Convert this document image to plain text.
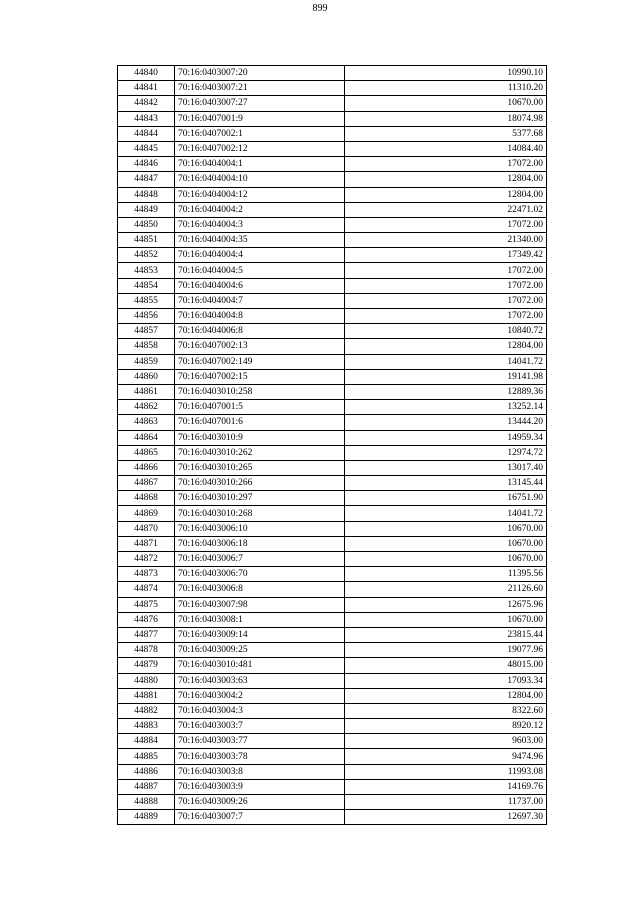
899
44840	70:16:0403007:20	10990.10
44841	70:16:0403007:21	11310.20
44842	70:16:0403007:27	10670.00
44843	70:16:0407001:9	18074.98
44844	70:16:0407002:1	5377.68
44845	70:16:0407002:12	14084.40
44846	70:16:0404004:1	17072.00
44847	70:16:0404004:10	12804.00
44848	70:16:0404004:12	12804.00
44849	70:16:0404004:2	22471.02
44850	70:16:0404004:3	17072.00
44851	70:16:0404004:35	21340.00
44852	70:16:0404004:4	17349.42
44853	70:16:0404004:5	17072.00
44854	70:16:0404004:6	17072.00
44855	70:16:0404004:7	17072.00
44856	70:16:0404004:8	17072.00
44857	70:16:0404006:8	10840.72
44858	70:16:0407002:13	12804.00
44859	70:16:0407002:149	14041.72
44860	70:16:0407002:15	19141.98
44861	70:16:0403010:258	12889.36
44862	70:16:0407001:5	13252.14
44863	70:16:0407001:6	13444.20
44864	70:16:0403010:9	14959.34
44865	70:16:0403010:262	12974.72
44866	70:16:0403010:265	13017.40
44867	70:16:0403010:266	13145.44
44868	70:16:0403010:297	16751.90
44869	70:16:0403010:268	14041.72
44870	70:16:0403006:10	10670.00
44871	70:16:0403006:18	10670.00
44872	70:16:0403006:7	10670.00
44873	70:16:0403006:70	11395.56
44874	70:16:0403006:8	21126.60
44875	70:16:0403007:98	12675.96
44876	70:16:0403008:1	10670.00
44877	70:16:0403009:14	23815.44
44878	70:16:0403009:25	19077.96
44879	70:16:0403010:481	48015.00
44880	70:16:0403003:63	17093.34
44881	70:16:0403004:2	12804.00
44882	70:16:0403004:3	8322.60
44883	70:16:0403003:7	8920.12
44884	70:16:0403003:77	9603.00
44885	70:16:0403003:78	9474.96
44886	70:16:0403003:8	11993.08
44887	70:16:0403003:9	14169.76
44888	70:16:0403009:26	11737.00
44889	70:16:0403007:7	12697.30
